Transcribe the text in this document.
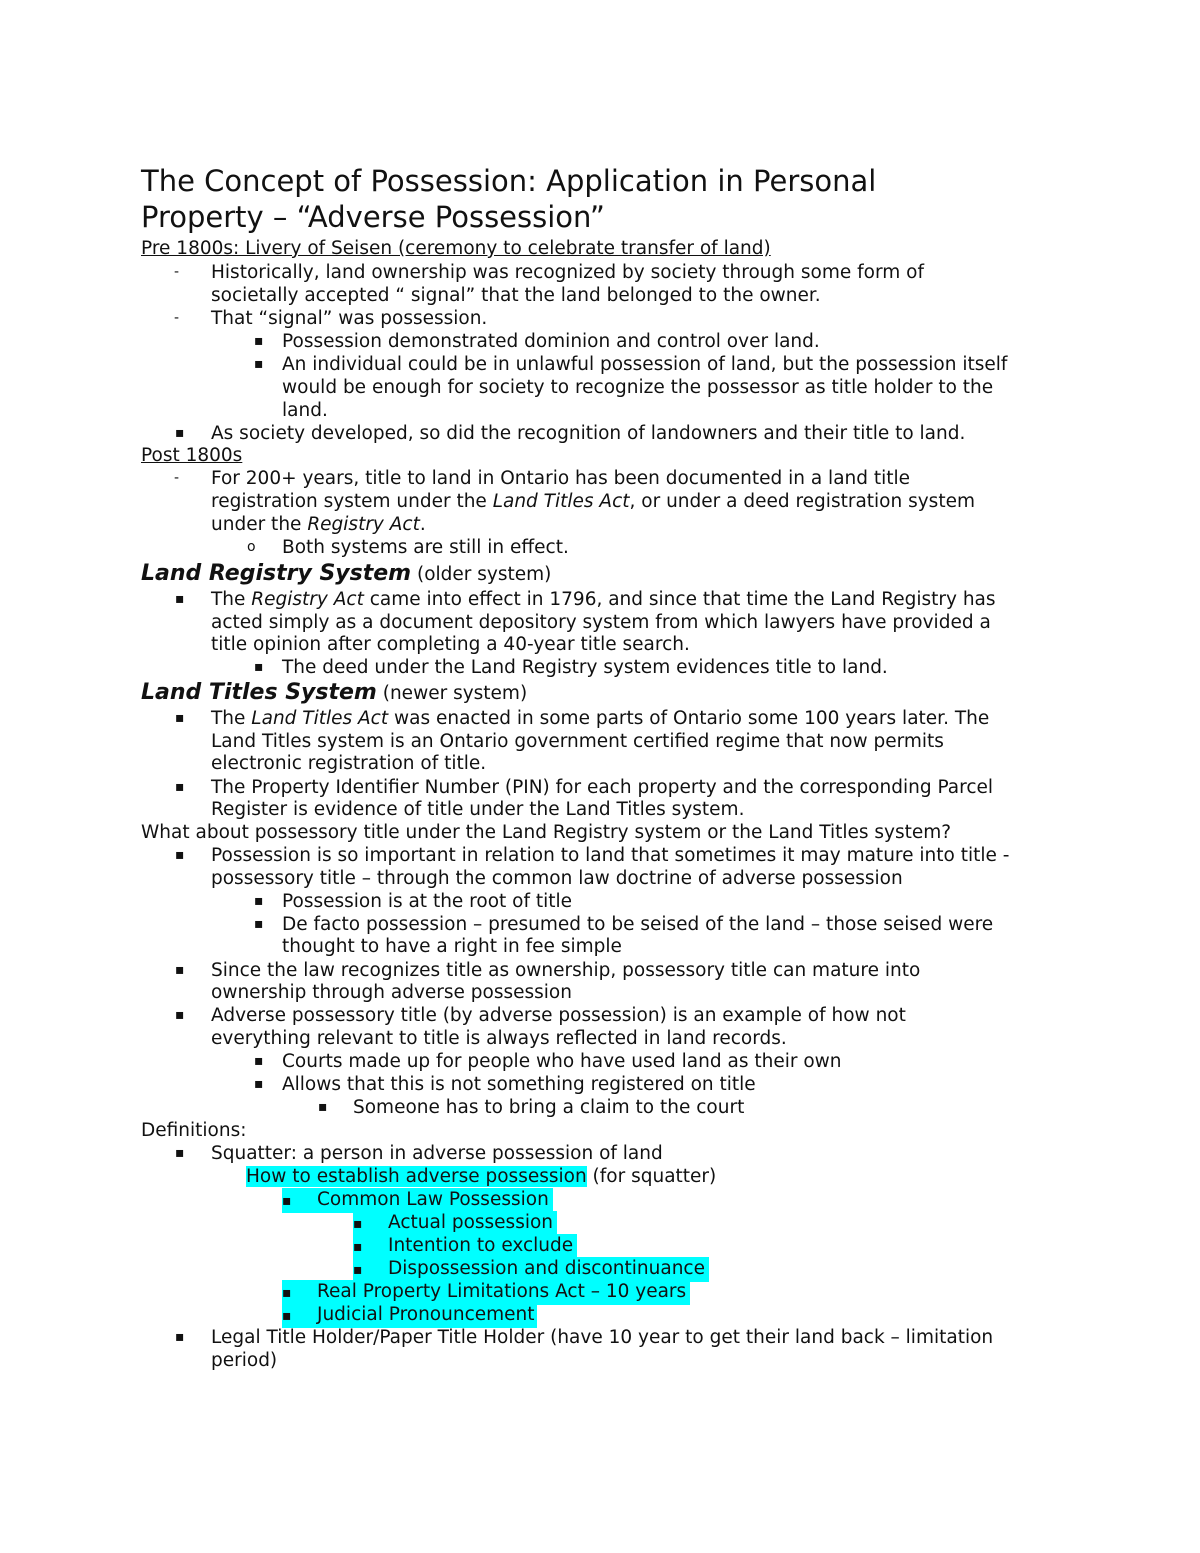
The Concept of Possession: Application in Personal
Property – “Adverse Possession”
Pre 1800s: Livery of Seisen (ceremony to celebrate transfer of land)
- Historically, land ownership was recognized by society through some form of
societally accepted “ signal” that the land belonged to the owner.
- That “signal” was possession.
▪ Possession demonstrated dominion and control over land.
▪ An individual could be in unlawful possession of land, but the possession itself
would be enough for society to recognize the possessor as title holder to the
land.
▪ As society developed, so did the recognition of landowners and their title to land.
Post 1800s
- For 200+ years, title to land in Ontario has been documented in a land title
registration system under the Land Titles Act, or under a deed registration system
under the Registry Act.
o Both systems are still in effect.
Land Registry System (older system)
▪ The Registry Act came into effect in 1796, and since that time the Land Registry has
acted simply as a document depository system from which lawyers have provided a
title opinion after completing a 40-year title search.
▪ The deed under the Land Registry system evidences title to land.
Land Titles System (newer system)
▪ The Land Titles Act was enacted in some parts of Ontario some 100 years later. The
Land Titles system is an Ontario government certified regime that now permits
electronic registration of title.
▪ The Property Identifier Number (PIN) for each property and the corresponding Parcel
Register is evidence of title under the Land Titles system.
What about possessory title under the Land Registry system or the Land Titles system?
▪ Possession is so important in relation to land that sometimes it may mature into title -
possessory title – through the common law doctrine of adverse possession
▪ Possession is at the root of title
▪ De facto possession – presumed to be seised of the land – those seised were
thought to have a right in fee simple
▪ Since the law recognizes title as ownership, possessory title can mature into
ownership through adverse possession
▪ Adverse possessory title (by adverse possession) is an example of how not
everything relevant to title is always reflected in land records.
▪ Courts made up for people who have used land as their own
▪ Allows that this is not something registered on title
▪ Someone has to bring a claim to the court
Definitions:
▪ Squatter: a person in adverse possession of land
How to establish adverse possession (for squatter)
▪ Common Law Possession
▪ Actual possession
▪ Intention to exclude
▪ Dispossession and discontinuance
▪ Real Property Limitations Act – 10 years
▪ Judicial Pronouncement
▪ Legal Title Holder/Paper Title Holder (have 10 year to get their land back – limitation
period)
